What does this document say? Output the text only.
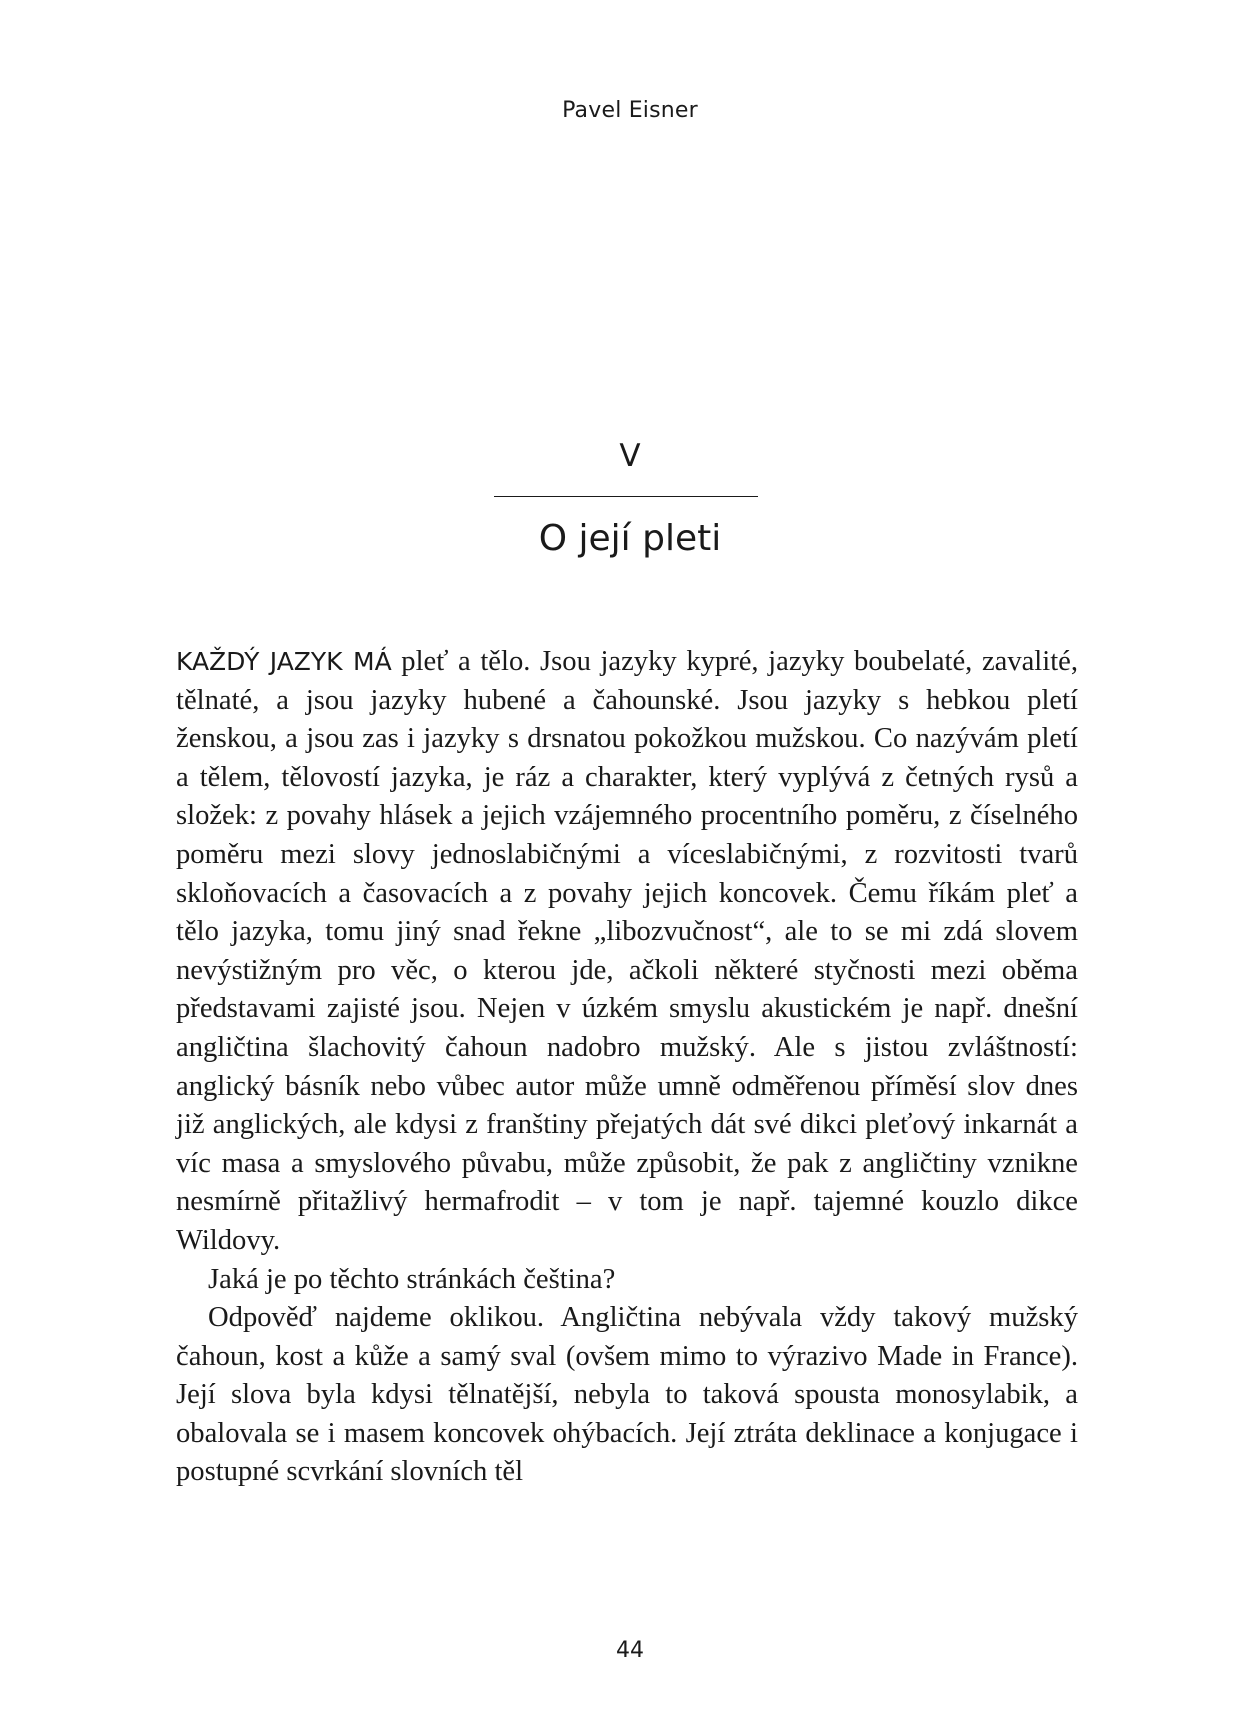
Pavel Eisner
V
O její pleti

KAŽDÝ JAZYK MÁ pleť a tělo. Jsou jazyky kypré, jazyky boubelaté, zavalité, tělnaté, a jsou jazyky hubené a čahounské. Jsou jazyky s hebkou pletí ženskou, a jsou zas i jazyky s drsnatou pokožkou mužskou. Co nazývám pletí a tělem, tělovostí jazyka, je ráz a charakter, který vyplývá z četných rysů a složek: z povahy hlásek a jejich vzájemného procentního poměru, z číselného poměru mezi slovy jednoslabičnými a víceslabičnými, z rozvitosti tvarů skloňovacích a časovacích a z povahy jejich koncovek. Čemu říkám pleť a tělo jazyka, tomu jiný snad řekne „libozvučnost“, ale to se mi zdá slovem nevýstižným pro věc, o kterou jde, ačkoli některé styčnosti mezi oběma představami zajisté jsou. Nejen v úzkém smyslu akustickém je např. dnešní angličtina šlachovitý čahoun nadobro mužský. Ale s jistou zvláštností: anglický básník nebo vůbec autor může umně odměřenou příměsí slov dnes již anglických, ale kdysi z franštiny přejatých dát své dikci pleťový inkarnát a víc masa a smyslového půvabu, může způsobit, že pak z angličtiny vznikne nesmírně přitažlivý hermafrodit – v tom je např. tajemné kouzlo dikce Wildovy.

Jaká je po těchto stránkách čeština?

Odpověď najdeme oklikou. Angličtina nebývala vždy takový mužský čahoun, kost a kůže a samý sval (ovšem mimo to výrazivo Made in France). Její slova byla kdysi tělnatější, nebyla to taková spousta monosylabik, a obalovala se i masem koncovek ohýbacích. Její ztráta deklinace a konjugace i postupné scvrkání slovních těl

44
